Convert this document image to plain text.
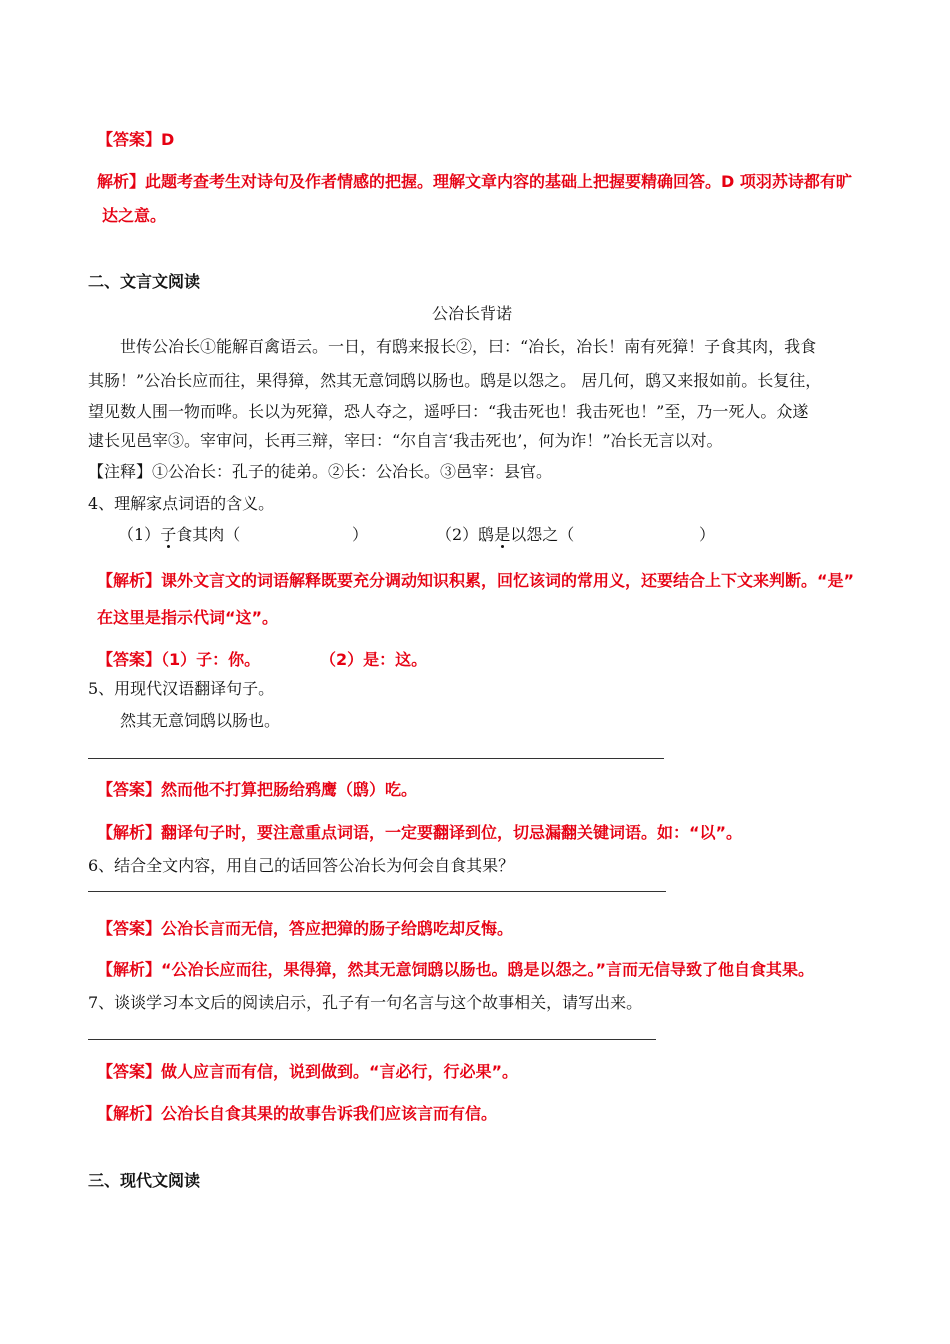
【答案】D
解析】此题考查考生对诗句及作者情感的把握。理解文章内容的基础上把握要精确回答。D 项羽苏诗都有旷
达之意。
二、文言文阅读
公冶长背诺
世传公冶长①能解百禽语云。一日，有鸱来报长②，曰：“冶长，冶长！南有死獐！子食其肉，我食
其肠！”公冶长应而往，果得獐，然其无意饲鸱以肠也。鸱是以怨之。 居几何，鸱又来报如前。长复往，
望见数人围一物而哗。长以为死獐，恐人夺之，遥呼曰：“我击死也！我击死也！”至，乃一死人。众遂
逮长见邑宰③。宰审问，长再三辩，宰曰：“尔自言‘我击死也’，何为诈！”冶长无言以对。
【注释】①公冶长：孔子的徒弟。②长：公冶长。③邑宰：县官。
4、理解家点词语的含义。
（1）子食其肉（	）	（2）鸱是以怨之（	）
【解析】课外文言文的词语解释既要充分调动知识积累，回忆该词的常用义，还要结合上下文来判断。“是”
在这里是指示代词“这”。
【答案】（1）子：你。	（2）是：这。
5、用现代汉语翻译句子。
然其无意饲鸱以肠也。
【答案】然而他不打算把肠给鸦鹰（鸱）吃。
【解析】翻译句子时，要注意重点词语，一定要翻译到位，切忌漏翻关键词语。如：“以”。
6、结合全文内容，用自己的话回答公冶长为何会自食其果？
【答案】公冶长言而无信，答应把獐的肠子给鸱吃却反悔。
【解析】“公冶长应而往，果得獐，然其无意饲鸱以肠也。鸱是以怨之。”言而无信导致了他自食其果。
7、谈谈学习本文后的阅读启示，孔子有一句名言与这个故事相关，请写出来。
【答案】做人应言而有信，说到做到。“言必行，行必果”。
【解析】公冶长自食其果的故事告诉我们应该言而有信。
三、现代文阅读
